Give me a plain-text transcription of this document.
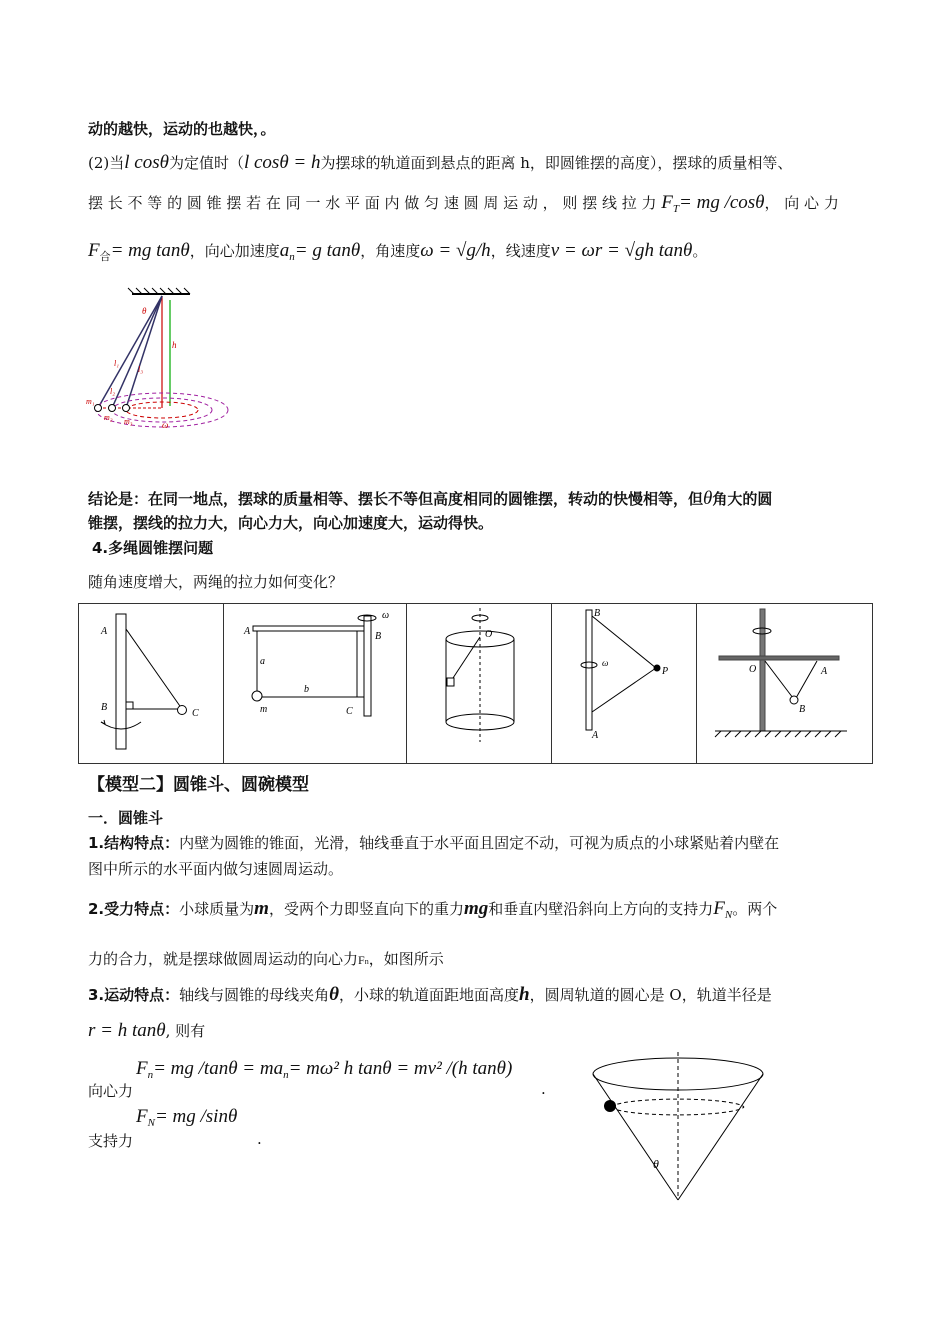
动的越快，运动的也越快，。
(2)当l cosθ为定值时（l cosθ = h为摆球的轨道面到悬点的距离 h，即圆锥摆的高度），摆球的质量相等、
摆 长 不 等 的 圆 锥 摆 若 在 同 一 水 平 面 内 做 匀 速 圆 周 运 动 ， 则 摆 线 拉 力 $F_T=$ mg /cosθ， 向 心 力
$F_合=$ mg tanθ，向心加速度$a_n= g$ tanθ，角速度ω = √g/h，线速度v = ωr = √gh tanθ。
θ
h
l₁
l₂
l₃
m₁
m₂ m₃	ω
结论是：在同一地点，摆球的质量相等、摆长不等但高度相同的圆锥摆，转动的快慢相等，但θ角大的圆
锥摆，摆线的拉力大，向心力大，向心加速度大，运动得快。
4.多绳圆锥摆问题
随角速度增大，两绳的拉力如何变化？
A
B
C
A	B
C
a
b
m
ω
O
B
A
P
ω
O	A
B
【模型二】圆锥斗、圆碗模型
一．圆锥斗
1.结构特点：内壁为圆锥的锥面，光滑，轴线垂直于水平面且固定不动，可视为质点的小球紧贴着内壁在
图中所示的水平面内做匀速圆周运动。
2.受力特点：小球质量为m，受两个力即竖直向下的重力mg和垂直内壁沿斜向上方向的支持力$F_N$。两个
力的合力，就是摆球做圆周运动的向心力Fn，如图所示
3.运动特点：轴线与圆锥的母线夹角θ，小球的轨道面距地面高度h，圆周轨道的圆心是 O，轨道半径是
r = h tanθ, 则有
向心力
$F_n=$ mg $/\tan\theta = ma_n= m\omega^2$ h tanθ = mv² /(h tanθ)
.
支持力
$F_N=$ mg /sinθ
.
θ
